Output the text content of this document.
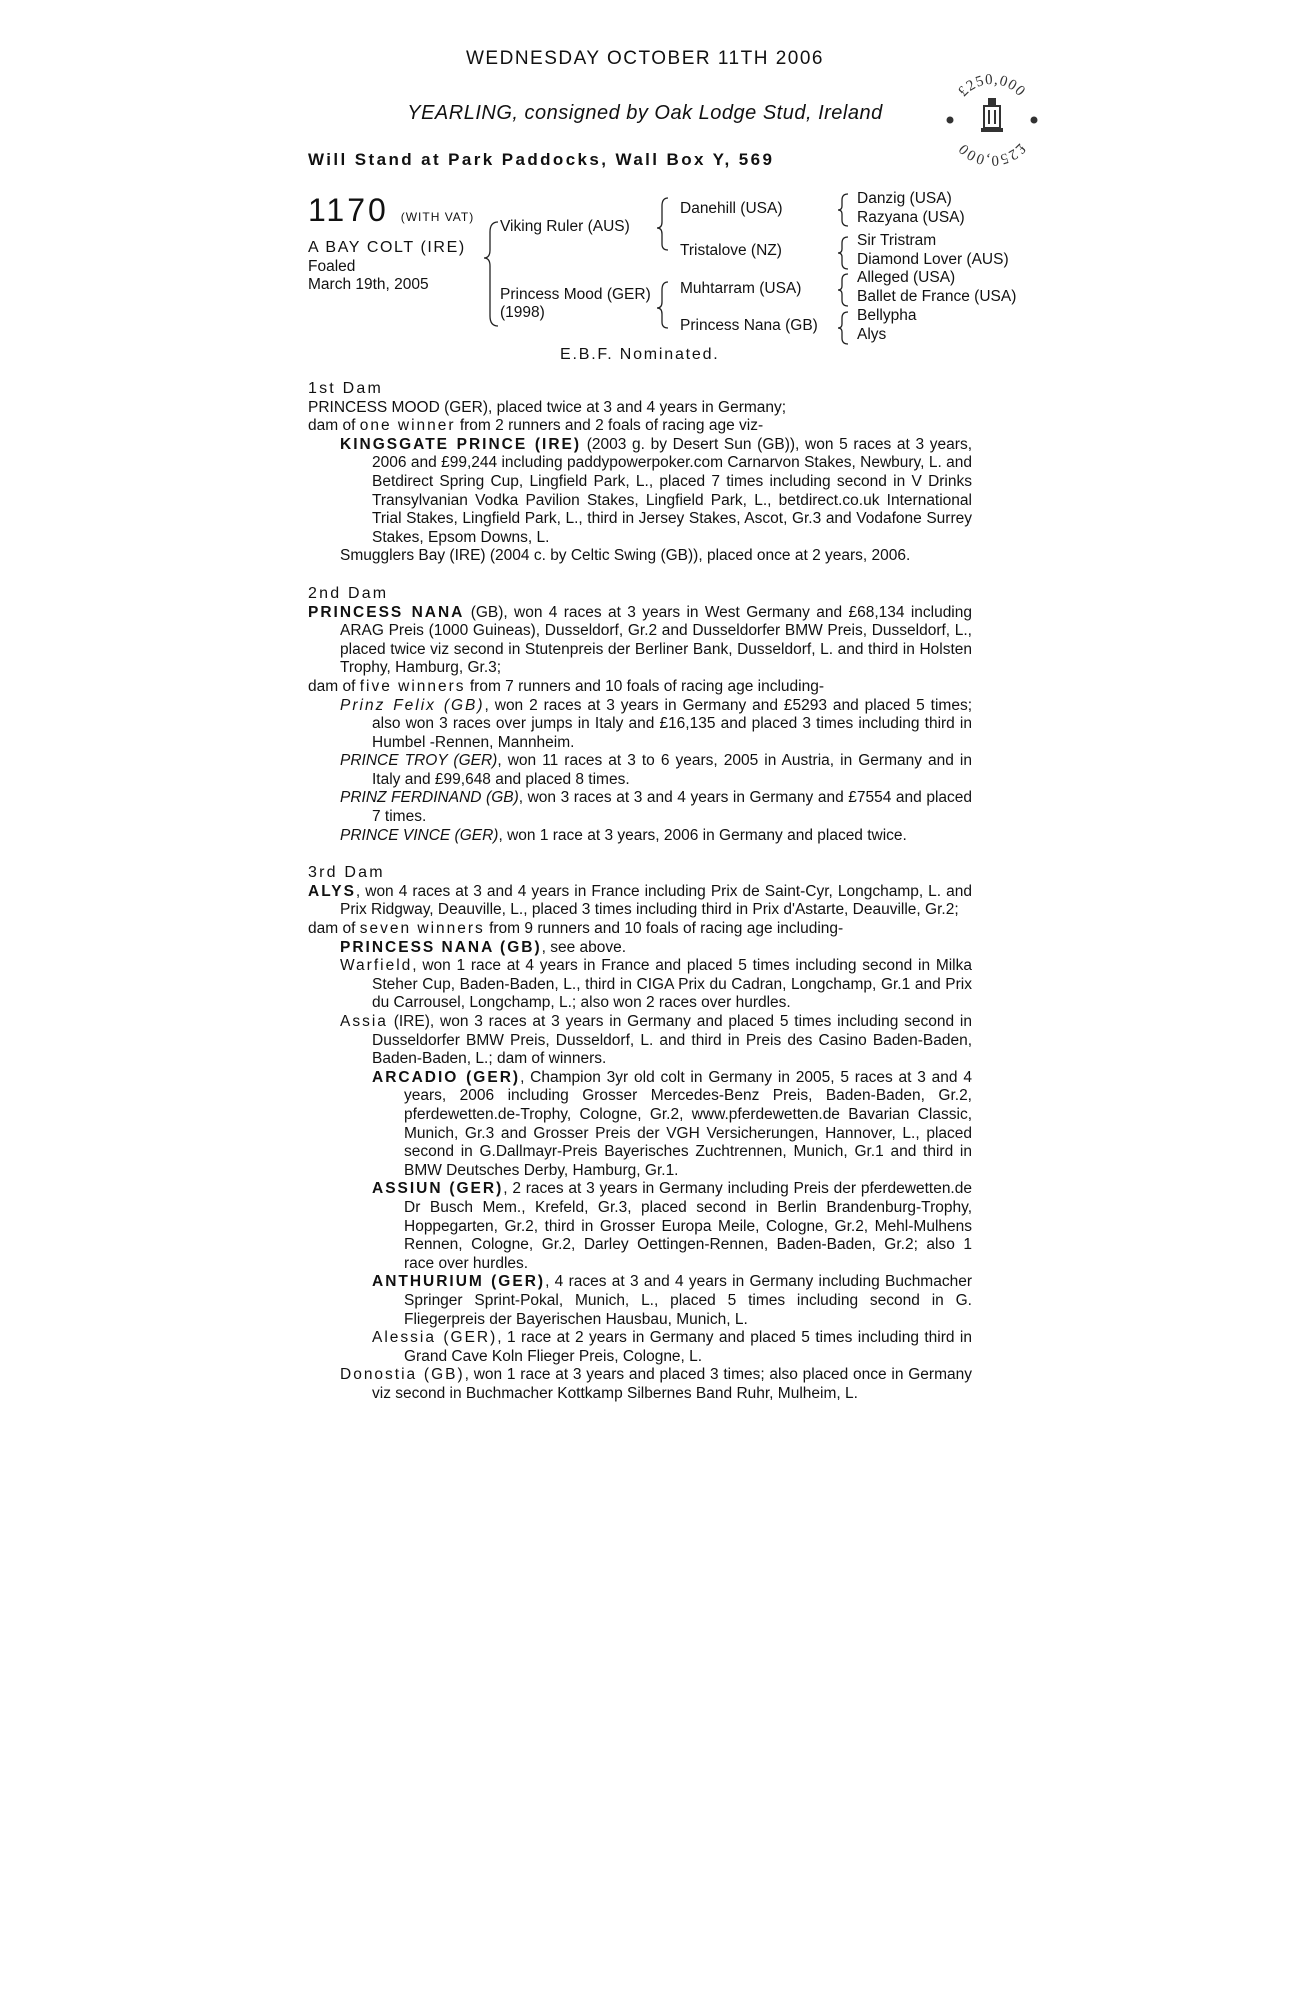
WEDNESDAY OCTOBER 11TH 2006
YEARLING, consigned by Oak Lodge Stud, Ireland
Will Stand at Park Paddocks, Wall Box Y, 569
£250,000
£250,000
1170 (WITH VAT)
A BAY COLT (IRE)
Foaled
March 19th, 2005
Viking Ruler (AUS)
Princess Mood (GER)
(1998)
Danehill (USA)
Tristalove (NZ)
Muhtarram (USA)
Princess Nana (GB)
Danzig (USA)
Razyana (USA)
Sir Tristram
Diamond Lover (AUS)
Alleged (USA)
Ballet de France (USA)
Bellypha
Alys
E.B.F. Nominated.

1st Dam

PRINCESS MOOD (GER), placed twice at 3 and 4 years in Germany;

dam of one winner from 2 runners and 2 foals of racing age viz-

KINGSGATE PRINCE (IRE) (2003 g. by Desert Sun (GB)), won 5 races at 3 years, 2006 and £99,244 including paddypowerpoker.com Carnarvon Stakes, Newbury, L. and Betdirect Spring Cup, Lingfield Park, L., placed 7 times including second in V Drinks Transylvanian Vodka Pavilion Stakes, Lingfield Park, L., betdirect.co.uk International Trial Stakes, Lingfield Park, L., third in Jersey Stakes, Ascot, Gr.3 and Vodafone Surrey Stakes, Epsom Downs, L.

Smugglers Bay (IRE) (2004 c. by Celtic Swing (GB)), placed once at 2 years, 2006.

2nd Dam

PRINCESS NANA (GB), won 4 races at 3 years in West Germany and £68,134 including ARAG Preis (1000 Guineas), Dusseldorf, Gr.2 and Dusseldorfer BMW Preis, Dusseldorf, L., placed twice viz second in Stutenpreis der Berliner Bank, Dusseldorf, L. and third in Holsten Trophy, Hamburg, Gr.3;

dam of five winners from 7 runners and 10 foals of racing age including-

Prinz Felix (GB), won 2 races at 3 years in Germany and £5293 and placed 5 times; also won 3 races over jumps in Italy and £16,135 and placed 3 times including third in Humbel -Rennen, Mannheim.

PRINCE TROY (GER), won 11 races at 3 to 6 years, 2005 in Austria, in Germany and in Italy and £99,648 and placed 8 times.

PRINZ FERDINAND (GB), won 3 races at 3 and 4 years in Germany and £7554 and placed 7 times.

PRINCE VINCE (GER), won 1 race at 3 years, 2006 in Germany and placed twice.

3rd Dam

ALYS, won 4 races at 3 and 4 years in France including Prix de Saint-Cyr, Longchamp, L. and Prix Ridgway, Deauville, L., placed 3 times including third in Prix d'Astarte, Deauville, Gr.2;

dam of seven winners from 9 runners and 10 foals of racing age including-

PRINCESS NANA (GB), see above.

Warfield, won 1 race at 4 years in France and placed 5 times including second in Milka Steher Cup, Baden-Baden, L., third in CIGA Prix du Cadran, Longchamp, Gr.1 and Prix du Carrousel, Longchamp, L.; also won 2 races over hurdles.

Assia (IRE), won 3 races at 3 years in Germany and placed 5 times including second in Dusseldorfer BMW Preis, Dusseldorf, L. and third in Preis des Casino Baden-Baden, Baden-Baden, L.; dam of winners.

ARCADIO (GER), Champion 3yr old colt in Germany in 2005, 5 races at 3 and 4 years, 2006 including Grosser Mercedes-Benz Preis, Baden-Baden, Gr.2, pferdewetten.de-Trophy, Cologne, Gr.2, www.pferdewetten.de Bavarian Classic, Munich, Gr.3 and Grosser Preis der VGH Versicherungen, Hannover, L., placed second in G.Dallmayr-Preis Bayerisches Zuchtrennen, Munich, Gr.1 and third in BMW Deutsches Derby, Hamburg, Gr.1.

ASSIUN (GER), 2 races at 3 years in Germany including Preis der pferdewetten.de Dr Busch Mem., Krefeld, Gr.3, placed second in Berlin Brandenburg-Trophy, Hoppegarten, Gr.2, third in Grosser Europa Meile, Cologne, Gr.2, Mehl-Mulhens Rennen, Cologne, Gr.2, Darley Oettingen-Rennen, Baden-Baden, Gr.2; also 1 race over hurdles.

ANTHURIUM (GER), 4 races at 3 and 4 years in Germany including Buchmacher Springer Sprint-Pokal, Munich, L., placed 5 times including second in G. Fliegerpreis der Bayerischen Hausbau, Munich, L.

Alessia (GER), 1 race at 2 years in Germany and placed 5 times including third in Grand Cave Koln Flieger Preis, Cologne, L.

Donostia (GB), won 1 race at 3 years and placed 3 times; also placed once in Germany viz second in Buchmacher Kottkamp Silbernes Band Ruhr, Mulheim, L.
